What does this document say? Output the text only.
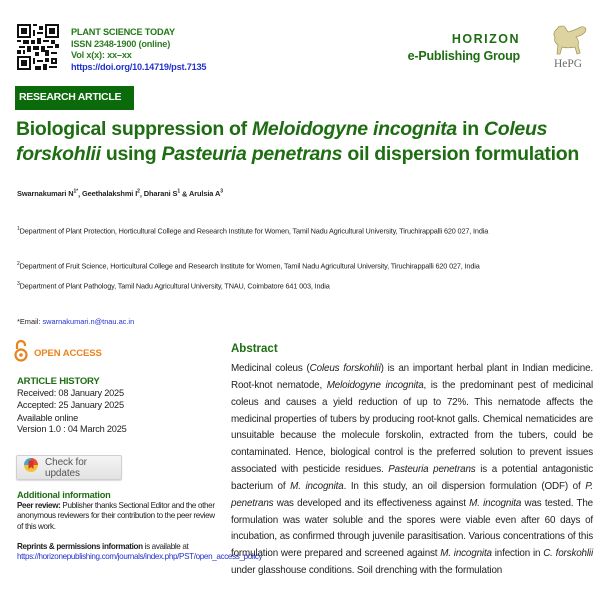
PLANT SCIENCE TODAY
ISSN 2348-1900 (online)
Vol x(x): xx–xx
https://doi.org/10.14719/pst.7135
HORIZON
e-Publishing Group
HePG
RESEARCH ARTICLE
Biological suppression of Meloidogyne incognita in Coleus forskohlii using Pasteuria penetrans oil dispersion formulation
Swarnakumari $N^{1*}$, Geethalakshmi $I^2$, Dharani $S^1$ & Arulsia $A^3$
$^1$Department of Plant Protection, Horticultural College and Research Institute for Women, Tamil Nadu Agricultural University, Tiruchirappalli 620 027, India
$^2$Department of Fruit Science, Horticultural College and Research Institute for Women, Tamil Nadu Agricultural University, Tiruchirappalli 620 027, India
$^3$Department of Plant Pathology, Tamil Nadu Agricultural University, TNAU, Coimbatore 641 003, India
*Email: swarnakumari.n@tnau.ac.in
OPEN ACCESS
ARTICLE HISTORY
Received: 08 January 2025
Accepted: 25 January 2025
Available online
Version 1.0 : 04 March 2025
Check for updates
Additional information
Peer review: Publisher thanks Sectional Editor and the other anonymous reviewers for their contribution to the peer review of this work.
Reprints & permissions information is available at https://horizonepublishing.com/journals/index.php/PST/open_access_policy
Abstract
Medicinal coleus (Coleus forskohlii) is an important herbal plant in Indian medicine. Root-knot nematode, Meloidogyne incognita, is the predominant pest of medicinal coleus and causes a yield reduction of up to 72%. This nematode affects the medicinal properties of tubers by producing root-knot galls. Chemical nematicides are unsuitable because the molecule forskolin, extracted from the tubers, could be contaminated. Hence, biological control is the preferred solution to prevent issues associated with pesticide residues. Pasteuria penetrans is a potential antagonistic bacterium of M. incognita. In this study, an oil dispersion formulation (ODF) of P. penetrans was developed and its effectiveness against M. incognita was tested. The formulation was water soluble and the spores were viable even after 60 days of incubation, as confirmed through juvenile parasitisation. Various concentrations of this formulation were prepared and screened against M. incognita infection in C. forskohlii under glasshouse conditions. Soil drenching with the formulation
